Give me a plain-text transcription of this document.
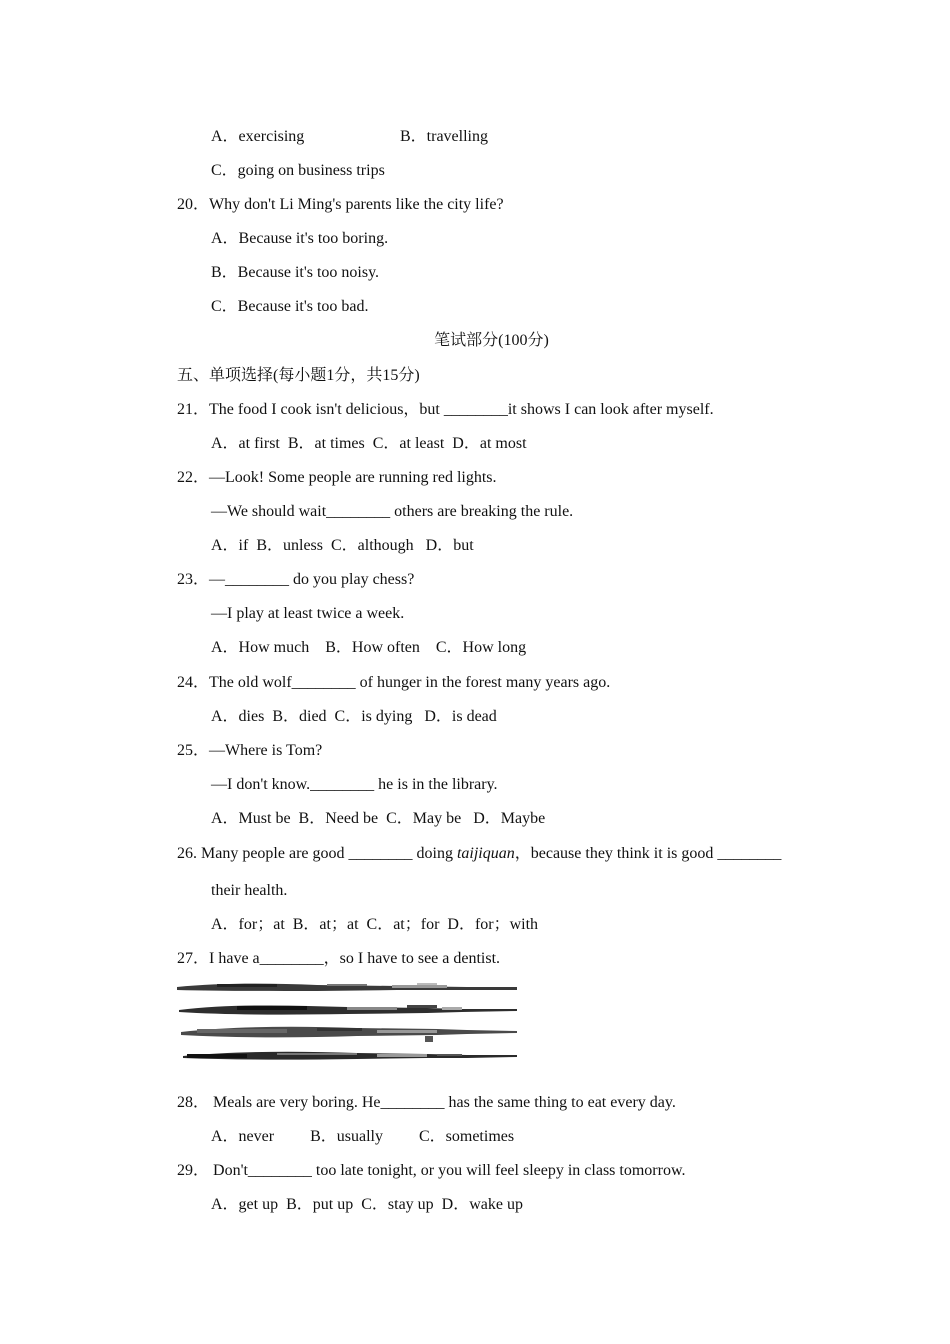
A．exercising	B．travelling
C．going on business trips
20．Why don't Li Ming's parents like the city life?
A．Because it's too boring.
B．Because it's too noisy.
C．Because it's too bad.
笔试部分(100分)
五、单项选择(每小题1分，共15分)
21．The food I cook isn't delicious，but ________it shows I can look after myself.
A．at first  B．at times  C．at least  D．at most
22．—Look! Some people are running red lights.
—We should wait________ others are breaking the rule.
A．if  B．unless  C．although   D．but
23．—________ do you play chess?
—I play at least twice a week.
A．How much    B．How often    C．How long
24．The old wolf________ of hunger in the forest many years ago.
A．dies  B．died  C．is dying   D．is dead
25．—Where is Tom?
—I don't know.________ he is in the library.
A．Must be  B．Need be  C．May be   D．Maybe
26. Many people are good ________ doing taijiquan，because they think it is good ________
their health.
A．for；at  B．at；at  C．at；for  D．for；with
27．I have a________，so I have to see a dentist.
28． Meals are very boring. He________ has the same thing to eat every day.
A．never         B．usually         C．sometimes
29． Don't________ too late tonight, or you will feel sleepy in class tomorrow.
A．get up  B．put up  C．stay up  D．wake up
